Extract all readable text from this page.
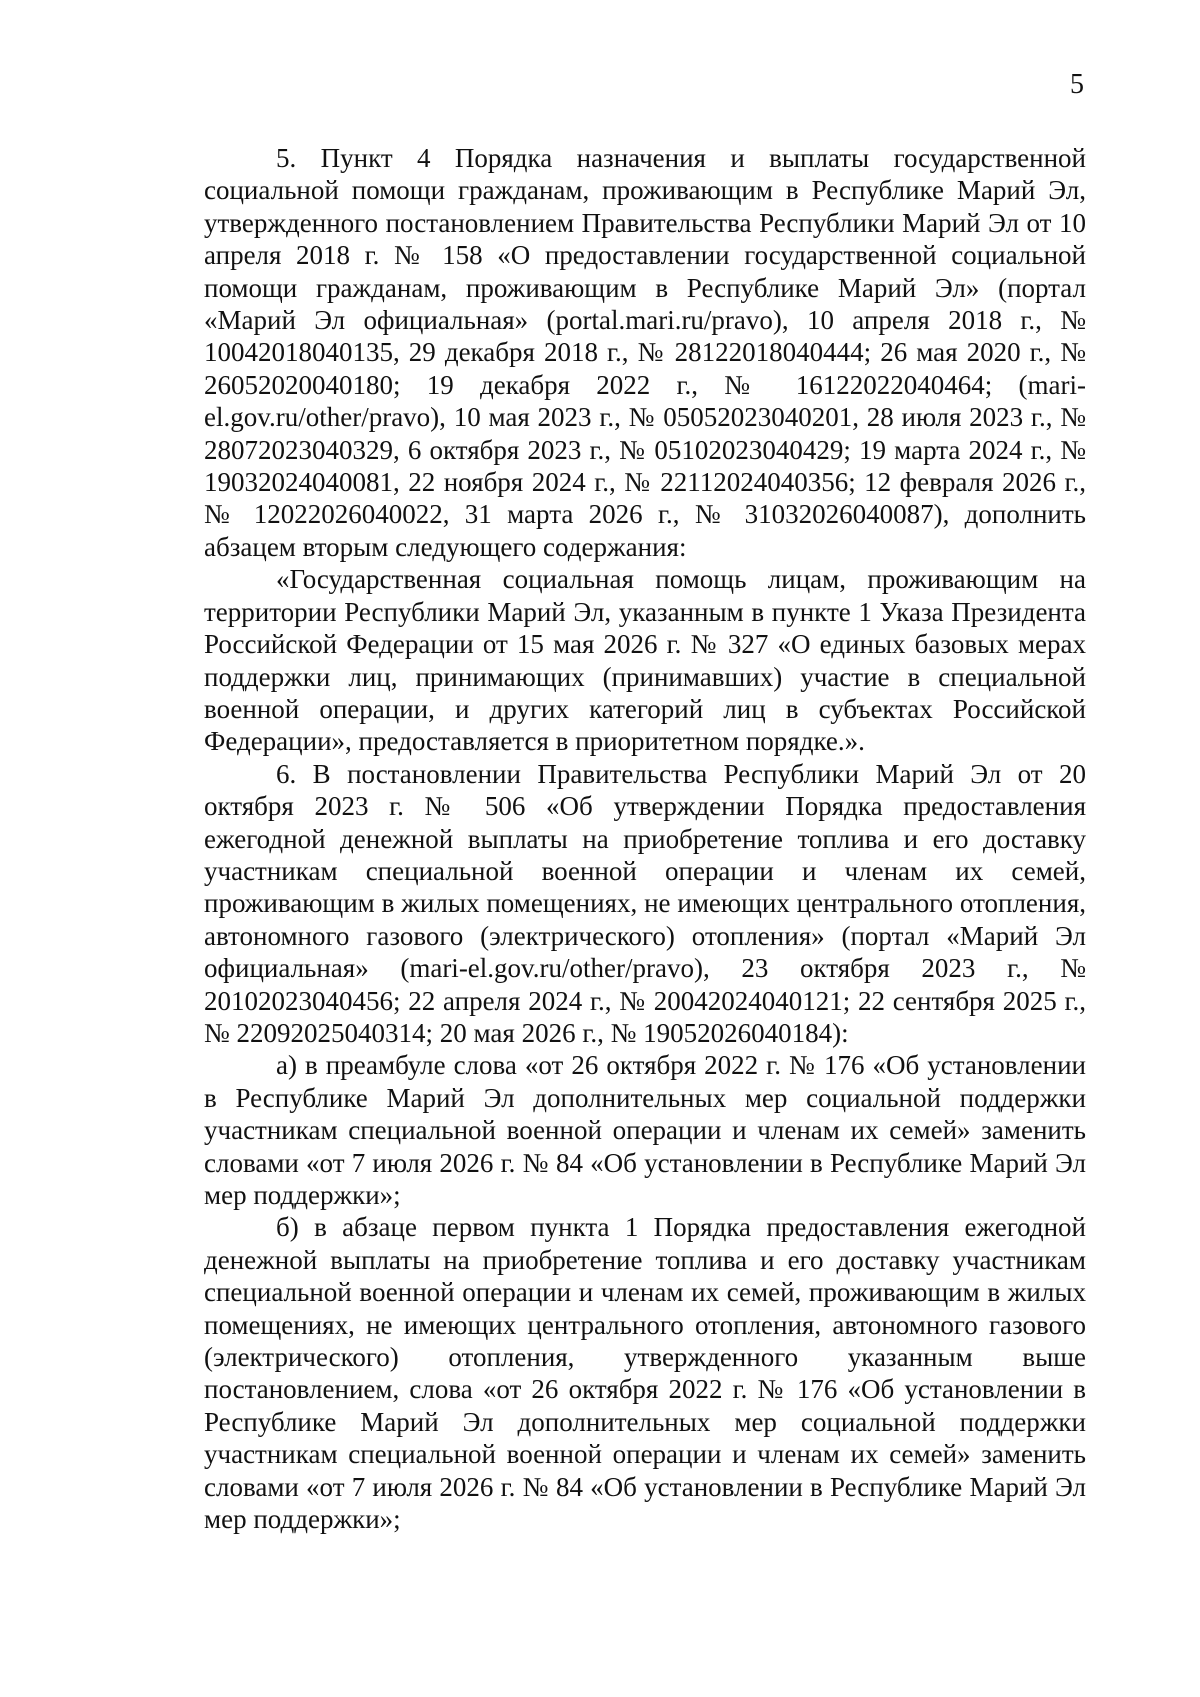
5

5. Пункт 4 Порядка назначения и выплаты государственной социальной помощи гражданам, проживающим в Республике Марий Эл, утвержденного постановлением Правительства Республики Марий Эл от 10 апреля 2018 г. № 158 «О предоставлении государственной социальной помощи гражданам, проживающим в Республике Марий Эл» (портал «Марий Эл официальная» (portal.mari.ru/pravo), 10 апреля 2018 г., № 10042018040135, 29 декабря 2018 г., № 28122018040444; 26 мая 2020 г., № 26052020040180; 19 декабря 2022 г., № 16122022040464; (mari-el.gov.ru/other/pravo), 10 мая 2023 г., № 05052023040201, 28 июля 2023 г., № 28072023040329, 6 октября 2023 г., № 05102023040429; 19 марта 2024 г., № 19032024040081, 22 ноября 2024 г., № 22112024040356; 12 февраля 2026 г., № 12022026040022, 31 марта 2026 г., № 31032026040087), дополнить абзацем вторым следующего содержания:

«Государственная социальная помощь лицам, проживающим на территории Республики Марий Эл, указанным в пункте 1 Указа Президента Российской Федерации от 15 мая 2026 г. № 327 «О единых базовых мерах поддержки лиц, принимающих (принимавших) участие в специальной военной операции, и других категорий лиц в субъектах Российской Федерации», предоставляется в приоритетном порядке.».

6. В постановлении Правительства Республики Марий Эл от 20 октября 2023 г. № 506 «Об утверждении Порядка предоставления ежегодной денежной выплаты на приобретение топлива и его доставку участникам специальной военной операции и членам их семей, проживающим в жилых помещениях, не имеющих центрального отопления, автономного газового (электрического) отопления» (портал «Марий Эл официальная» (mari-el.gov.ru/other/pravo), 23 октября 2023 г., № 20102023040456; 22 апреля 2024 г., № 20042024040121; 22 сентября 2025 г., № 22092025040314; 20 мая 2026 г., № 19052026040184):

а) в преамбуле слова «от 26 октября 2022 г. № 176 «Об установлении в Республике Марий Эл дополнительных мер социальной поддержки участникам специальной военной операции и членам их семей» заменить словами «от 7 июля 2026 г. № 84 «Об установлении в Республике Марий Эл мер поддержки»;

б) в абзаце первом пункта 1 Порядка предоставления ежегодной денежной выплаты на приобретение топлива и его доставку участникам специальной военной операции и членам их семей, проживающим в жилых помещениях, не имеющих центрального отопления, автономного газового (электрического) отопления, утвержденного указанным выше постановлением, слова «от 26 октября 2022 г. № 176 «Об установлении в Республике Марий Эл дополнительных мер социальной поддержки участникам специальной военной операции и членам их семей» заменить словами «от 7 июля 2026 г. № 84 «Об установлении в Республике Марий Эл мер поддержки»;
